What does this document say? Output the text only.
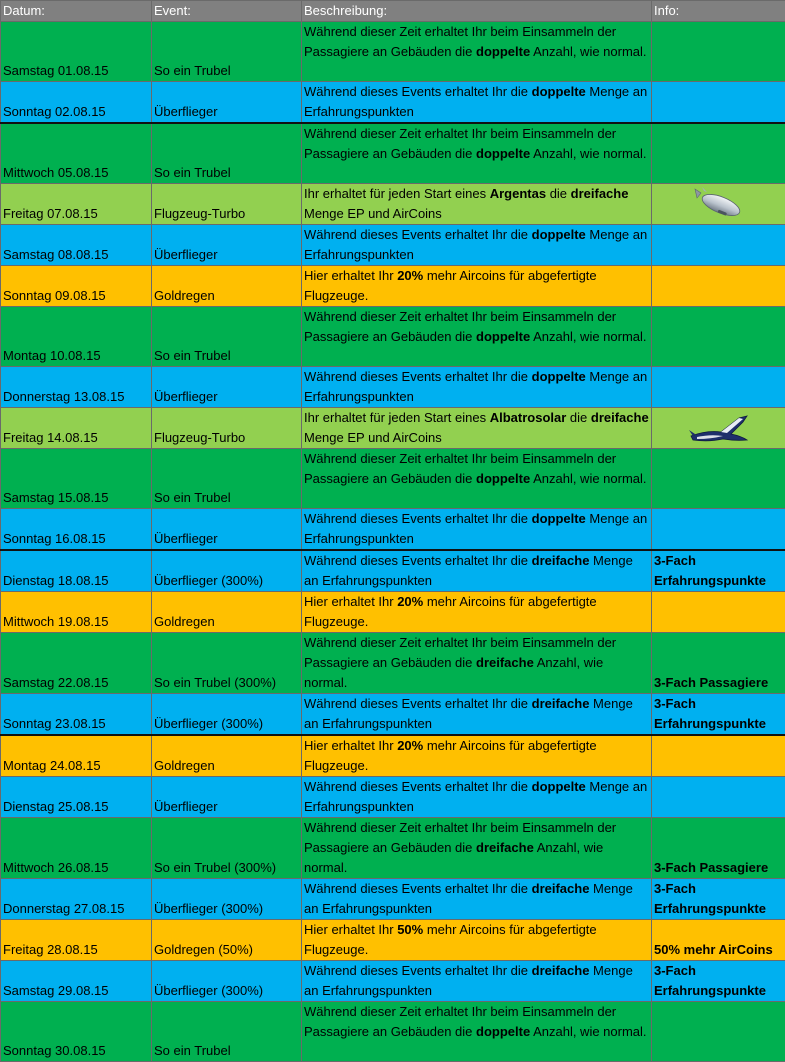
Datum:	Event:	Beschreibung:	Info:
Samstag 01.08.15	So ein Trubel	Während dieser Zeit erhaltet Ihr beim Einsammeln der Passagiere an Gebäuden die doppelte Anzahl, wie normal.	
Sonntag 02.08.15	Überflieger	Während dieses Events erhaltet Ihr die doppelte Menge an Erfahrungspunkten	
Mittwoch 05.08.15	So ein Trubel	Während dieser Zeit erhaltet Ihr beim Einsammeln der Passagiere an Gebäuden die doppelte Anzahl, wie normal.	
Freitag 07.08.15	Flugzeug-Turbo	Ihr erhaltet für jeden Start eines Argentas die dreifache Menge EP und AirCoins	
Samstag 08.08.15	Überflieger	Während dieses Events erhaltet Ihr die doppelte Menge an Erfahrungspunkten	
Sonntag 09.08.15	Goldregen	Hier erhaltet Ihr 20% mehr Aircoins für abgefertigte Flugzeuge.	
Montag 10.08.15	So ein Trubel	Während dieser Zeit erhaltet Ihr beim Einsammeln der Passagiere an Gebäuden die doppelte Anzahl, wie normal.	
Donnerstag 13.08.15	Überflieger	Während dieses Events erhaltet Ihr die doppelte Menge an Erfahrungspunkten	
Freitag 14.08.15	Flugzeug-Turbo	Ihr erhaltet für jeden Start eines Albatrosolar die dreifache Menge EP und AirCoins	
Samstag 15.08.15	So ein Trubel	Während dieser Zeit erhaltet Ihr beim Einsammeln der Passagiere an Gebäuden die doppelte Anzahl, wie normal.	
Sonntag 16.08.15	Überflieger	Während dieses Events erhaltet Ihr die doppelte Menge an Erfahrungspunkten	
Dienstag 18.08.15	Überflieger (300%)	Während dieses Events erhaltet Ihr die dreifache Menge an Erfahrungspunkten	3-Fach Erfahrungspunkte
Mittwoch 19.08.15	Goldregen	Hier erhaltet Ihr 20% mehr Aircoins für abgefertigte Flugzeuge.	
Samstag 22.08.15	So ein Trubel (300%)	Während dieser Zeit erhaltet Ihr beim Einsammeln der Passagiere an Gebäuden die dreifache Anzahl, wie normal.	3-Fach Passagiere
Sonntag 23.08.15	Überflieger (300%)	Während dieses Events erhaltet Ihr die dreifache Menge an Erfahrungspunkten	3-Fach Erfahrungspunkte
Montag 24.08.15	Goldregen	Hier erhaltet Ihr 20% mehr Aircoins für abgefertigte Flugzeuge.	
Dienstag 25.08.15	Überflieger	Während dieses Events erhaltet Ihr die doppelte Menge an Erfahrungspunkten	
Mittwoch 26.08.15	So ein Trubel (300%)	Während dieser Zeit erhaltet Ihr beim Einsammeln der Passagiere an Gebäuden die dreifache Anzahl, wie normal.	3-Fach Passagiere
Donnerstag 27.08.15	Überflieger (300%)	Während dieses Events erhaltet Ihr die dreifache Menge an Erfahrungspunkten	3-Fach Erfahrungspunkte
Freitag 28.08.15	Goldregen (50%)	Hier erhaltet Ihr 50% mehr Aircoins für abgefertigte Flugzeuge.	50% mehr AirCoins
Samstag 29.08.15	Überflieger (300%)	Während dieses Events erhaltet Ihr die dreifache Menge an Erfahrungspunkten	3-Fach Erfahrungspunkte
Sonntag 30.08.15	So ein Trubel	Während dieser Zeit erhaltet Ihr beim Einsammeln der Passagiere an Gebäuden die doppelte Anzahl, wie normal.	
